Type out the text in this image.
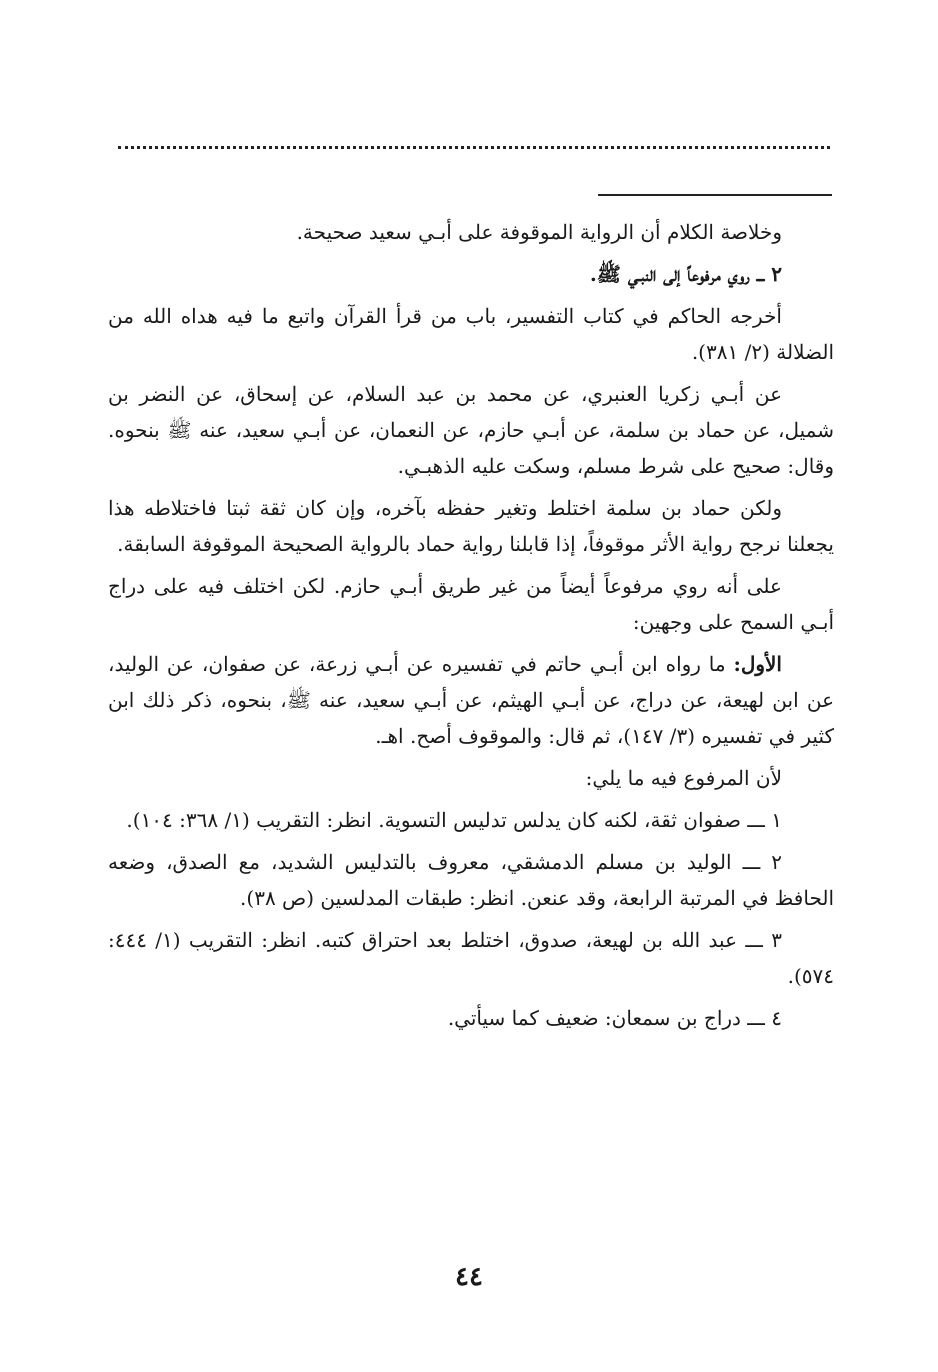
وخلاصة الكلام أن الرواية الموقوفة على أبـي سعيد صحيحة.

٢ ـــ روي مرفوعاً إلى النبـي ﷺ.

أخرجه الحاكم في كتاب التفسير، باب من قرأ القرآن واتبع ما فيه هداه الله من الضلالة (٢/ ٣٨١).

عن أبـي زكريا العنبري، عن محمد بن عبد السلام، عن إسحاق، عن النضر بن شميل، عن حماد بن سلمة، عن أبـي حازم، عن النعمان، عن أبـي سعيد، عنه ﷺ بنحوه. وقال: صحيح على شرط مسلم، وسكت عليه الذهبـي.

ولكن حماد بن سلمة اختلط وتغير حفظه بآخره، وإن كان ثقة ثبتا فاختلاطه هذا يجعلنا نرجح رواية الأثر موقوفاً، إذا قابلنا رواية حماد بالرواية الصحيحة الموقوفة السابقة.

على أنه روي مرفوعاً أيضاً من غير طريق أبـي حازم. لكن اختلف فيه على دراج أبـي السمح على وجهين:

الأول: ما رواه ابن أبـي حاتم في تفسيره عن أبـي زرعة، عن صفوان، عن الوليد، عن ابن لهيعة، عن دراج، عن أبـي الهيثم، عن أبـي سعيد، عنه ﷺ، بنحوه، ذكر ذلك ابن كثير في تفسيره (٣/ ١٤٧)، ثم قال: والموقوف أصح. اهـ.

لأن المرفوع فيه ما يلي:

١ ـــ صفوان ثقة، لكنه كان يدلس تدليس التسوية. انظر: التقريب (١/ ٣٦٨: ١٠٤).

٢ ـــ الوليد بن مسلم الدمشقي، معروف بالتدليس الشديد، مع الصدق، وضعه الحافظ في المرتبة الرابعة، وقد عنعن. انظر: طبقات المدلسين (ص ٣٨).

٣ ـــ عبد الله بن لهيعة، صدوق، اختلط بعد احتراق كتبه. انظر: التقريب (١/ ٤٤٤: ٥٧٤).

٤ ـــ دراج بن سمعان: ضعيف كما سيأتي.

٤٤
